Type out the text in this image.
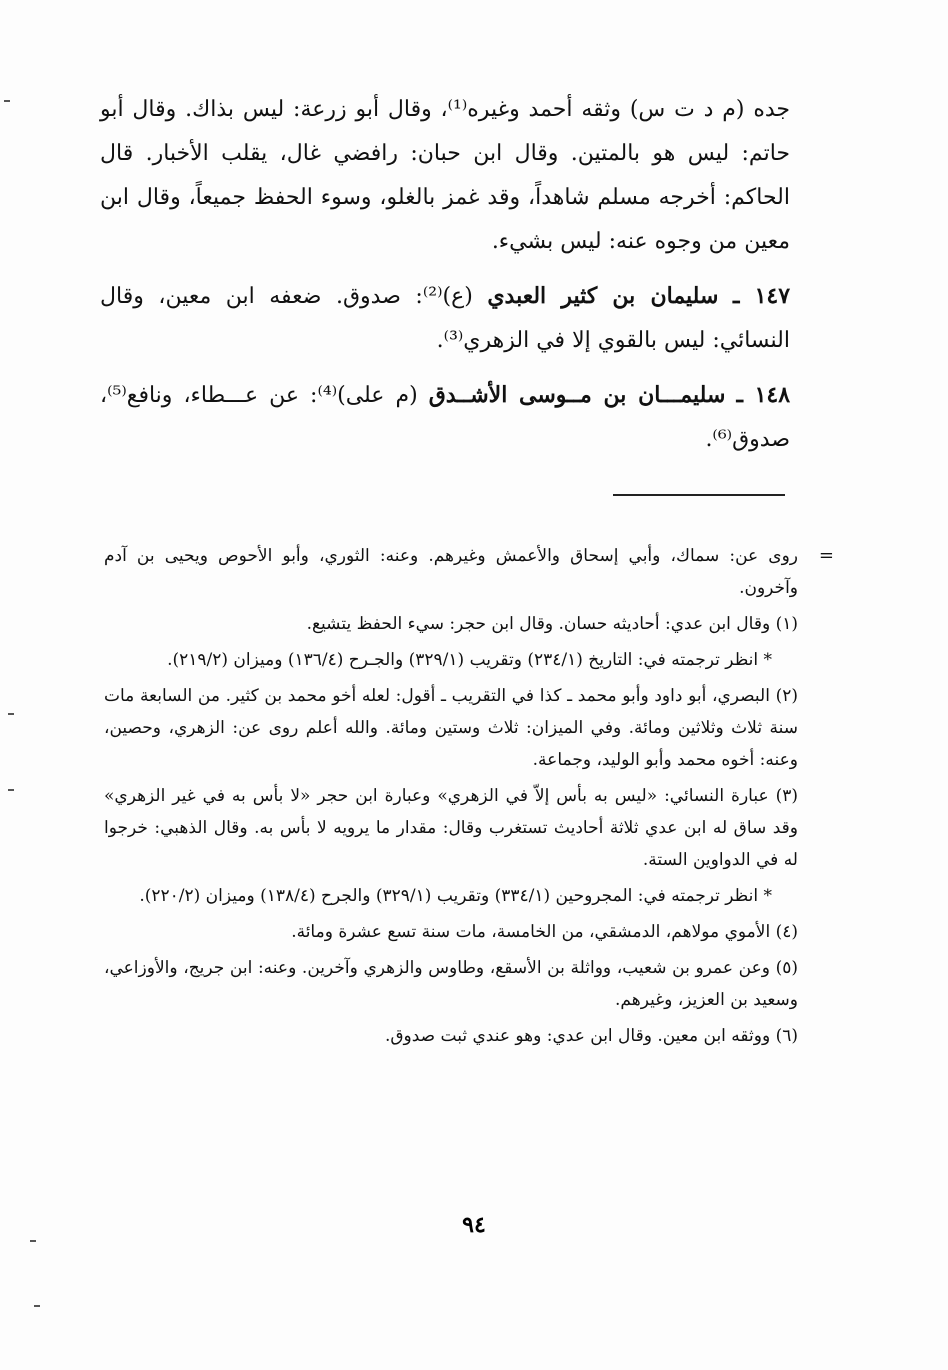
جده (م د ت س) وثقه أحمد وغيره⁽¹⁾، وقال أبو زرعة: ليس بذاك. وقال أبو حاتم: ليس هو بالمتين. وقال ابن حبان: رافضي غال، يقلب الأخبار. قال الحاكم: أخرجه مسلم شاهداً، وقد غمز بالغلو، وسوء الحفظ جميعاً، وقال ابن معين من وجوه عنه: ليس بشيء.

١٤٧ ـ سليمان بن كثير العبدي (ع)⁽²⁾: صدوق. ضعفه ابن معين، وقال النسائي: ليس بالقوي إلا في الزهري⁽³⁾.

١٤٨ ـ سليمـــان بن مــوسى الأشــدق (م على)⁽⁴⁾: عن عـــطاء، ونافع⁽⁵⁾، صدوق⁽⁶⁾.

=
روى عن: سماك، وأبي إسحاق والأعمش وغيرهم. وعنه: الثوري، وأبو الأحوص ويحيى بن آدم وآخرون.
(١) وقال ابن عدي: أحاديثه حسان. وقال ابن حجر: سيء الحفظ يتشيع.
* انظر ترجمته في: التاريخ (٢٣٤/١) وتقريب (٣٢٩/١) والجـرح (١٣٦/٤) وميزان (٢١٩/٢).
(٢) البصري، أبو داود وأبو محمد ـ كذا في التقريب ـ أقول: لعله أخو محمد بن كثير. من السابعة مات سنة ثلاث وثلاثين ومائة. وفي الميزان: ثلاث وستين ومائة. والله أعلم روى عن: الزهري، وحصين، وعنه: أخوه محمد وأبو الوليد، وجماعة.
(٣) عبارة النسائي: «ليس به بأس إلاّ في الزهري» وعبارة ابن حجر «لا بأس به في غير الزهري» وقد ساق له ابن عدي ثلاثة أحاديث تستغرب وقال: مقدار ما يرويه لا بأس به. وقال الذهبي: خرجوا له في الدواوين الستة.
* انظر ترجمته في: المجروحين (٣٣٤/١) وتقريب (٣٢٩/١) والجرح (١٣٨/٤) وميزان (٢٢٠/٢).
(٤) الأموي مولاهم، الدمشقي، من الخامسة، مات سنة تسع عشرة ومائة.
(٥) وعن عمرو بن شعيب، وواثلة بن الأسقع، وطاوس والزهري وآخرين. وعنه: ابن جريج، والأوزاعي، وسعيد بن العزيز، وغيرهم.
(٦) ووثقه ابن معين. وقال ابن عدي: وهو عندي ثبت صدوق.
٩٤
